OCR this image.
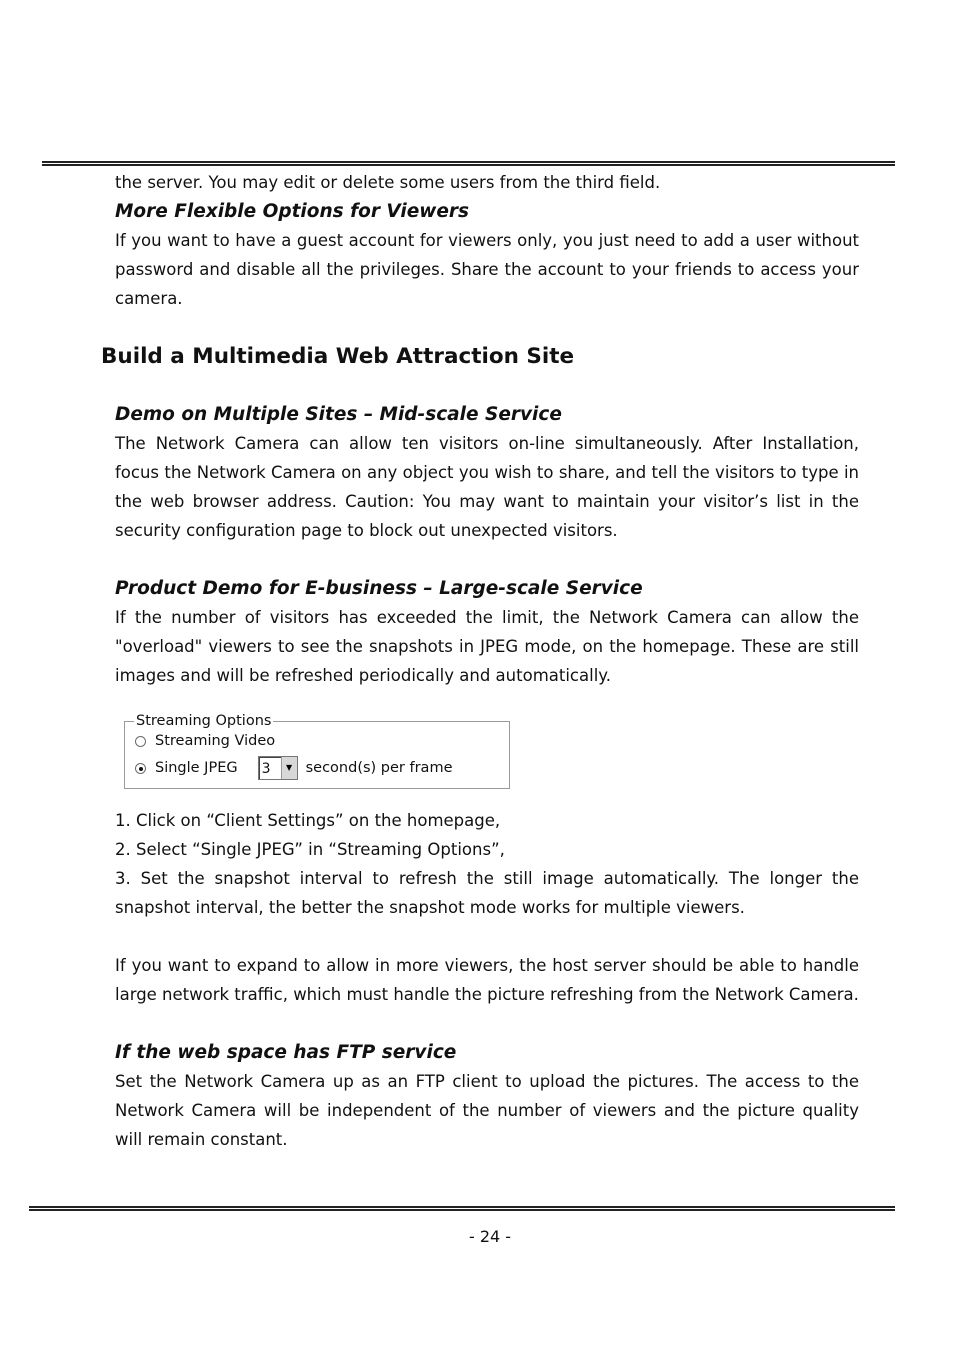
the server. You may edit or delete some users from the third field.

More Flexible Options for Viewers

If you want to have a guest account for viewers only, you just need to add a user without password and disable all the privileges. Share the account to your friends to access your camera.

Build a Multimedia Web Attraction Site
Demo on Multiple Sites – Mid-scale Service

The Network Camera can allow ten visitors on-line simultaneously. After Installation, focus the Network Camera on any object you wish to share, and tell the visitors to type in the web browser address. Caution: You may want to maintain your visitor’s list in the security configuration page to block out unexpected visitors.

Product Demo for E-business – Large-scale Service

If the number of visitors has exceeded the limit, the Network Camera can allow the "overload" viewers to see the snapshots in JPEG mode, on the homepage. These are still images and will be refreshed periodically and automatically.

Streaming Options
Streaming Video
Single JPEG 3	▼ second(s) per frame

1. Click on “Client Settings” on the homepage,

2. Select “Single JPEG” in “Streaming Options”,

3. Set the snapshot interval to refresh the still image automatically. The longer the snapshot interval, the better the snapshot mode works for multiple viewers.

If you want to expand to allow in more viewers, the host server should be able to handle large network traffic, which must handle the picture refreshing from the Network Camera.

If the web space has FTP service

Set the Network Camera up as an FTP client to upload the pictures. The access to the Network Camera will be independent of the number of viewers and the picture quality will remain constant.

- 24 -
